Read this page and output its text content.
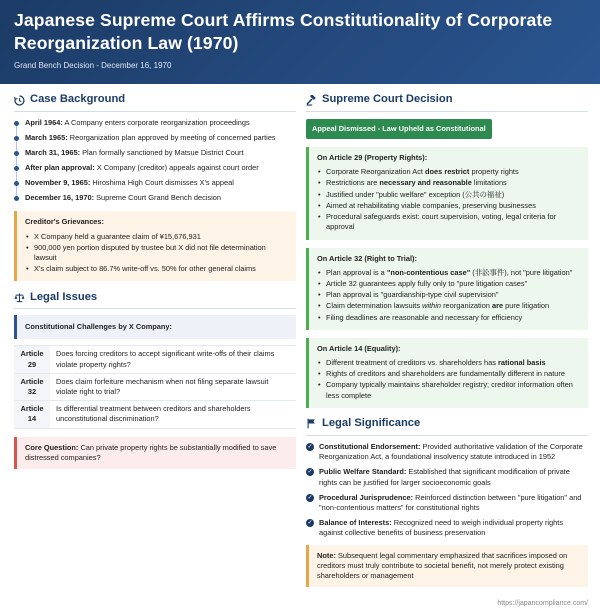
Japanese Supreme Court Affirms Constitutionality of Corporate Reorganization Law (1970)
Grand Bench Decision - December 16, 1970
Case Background
April 1964: A Company enters corporate reorganization proceedings
March 1965: Reorganization plan approved by meeting of concerned parties
March 31, 1965: Plan formally sanctioned by Matsue District Court
After plan approval: X Company (creditor) appeals against court order
November 9, 1965: Hiroshima High Court dismisses X's appeal
December 16, 1970: Supreme Court Grand Bench decision
Creditor's Grievances:
• X Company held a guarantee claim of ¥15,676,931
• 900,000 yen portion disputed by trustee but X did not file determination lawsuit
• X's claim subject to 86.7% write-off vs. 50% for other general claims
Legal Issues
Constitutional Challenges by X Company:
Article 29	Does forcing creditors to accept significant write-offs of their claims violate property rights?
Article 32	Does claim forfeiture mechanism when not filing separate lawsuit violate right to trial?
Article 14	Is differential treatment between creditors and shareholders unconstitutional discrimination?
Core Question: Can private property rights be substantially modified to save distressed companies?
Supreme Court Decision
Appeal Dismissed - Law Upheld as Constitutional
On Article 29 (Property Rights):
• Corporate Reorganization Act does restrict property rights
• Restrictions are necessary and reasonable limitations
• Justified under "public welfare" exception (公共の福祉)
• Aimed at rehabilitating viable companies, preserving businesses
• Procedural safeguards exist: court supervision, voting, legal criteria for approval
On Article 32 (Right to Trial):
• Plan approval is a "non-contentious case" (非訟事件), not "pure litigation"
• Article 32 guarantees apply fully only to "pure litigation cases"
• Plan approval is "guardianship-type civil supervision"
• Claim determination lawsuits within reorganization are pure litigation
• Filing deadlines are reasonable and necessary for efficiency
On Article 14 (Equality):
• Different treatment of creditors vs. shareholders has rational basis
• Rights of creditors and shareholders are fundamentally different in nature
• Company typically maintains shareholder registry; creditor information often less complete
Legal Significance
✓ Constitutional Endorsement: Provided authoritative validation of the Corporate Reorganization Act, a foundational insolvency statute introduced in 1952
✓ Public Welfare Standard: Established that significant modification of private rights can be justified for larger socioeconomic goals
✓ Procedural Jurisprudence: Reinforced distinction between "pure litigation" and "non-contentious matters" for constitutional rights
✓ Balance of Interests: Recognized need to weigh individual property rights against collective benefits of business preservation
Note: Subsequent legal commentary emphasized that sacrifices imposed on creditors must truly contribute to societal benefit, not merely protect existing shareholders or management
https://japancompliance.com/
